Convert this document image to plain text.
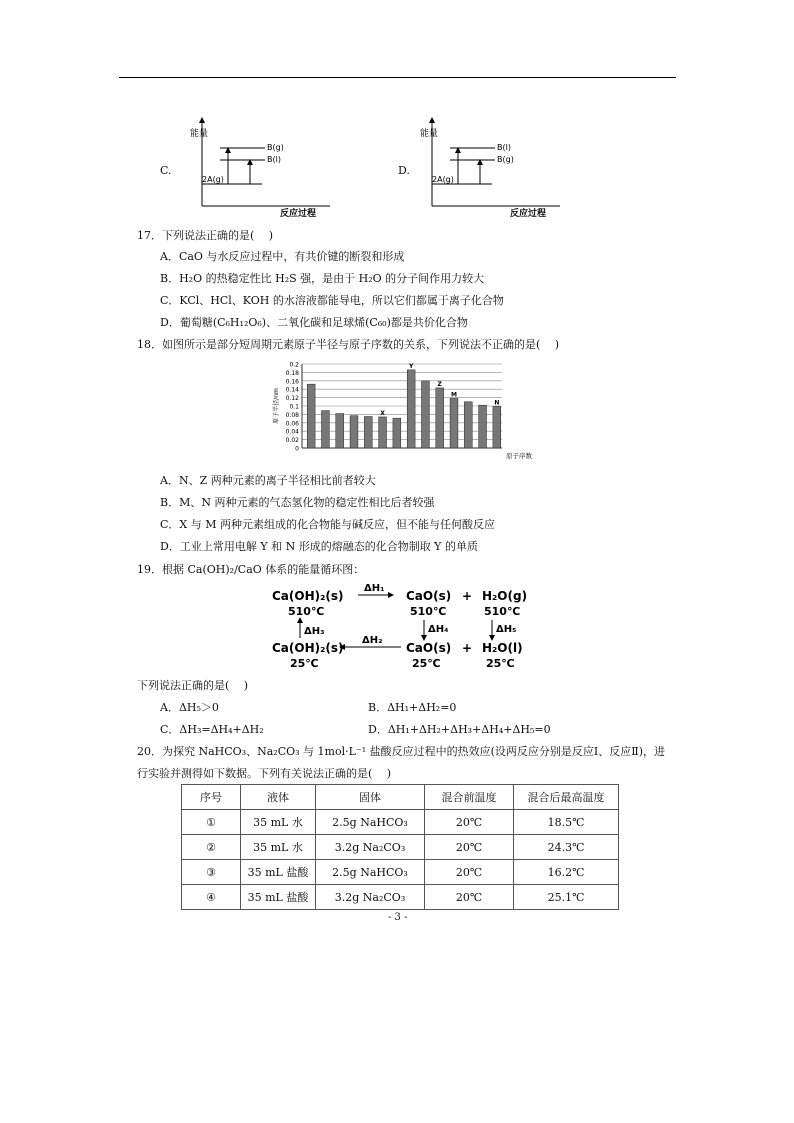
C.
能量
B(g)
B(l)
2A(g)
反应过程
D.
能量
B(l)
B(g)
2A(g)
反应过程
17．下列说法正确的是(　 )
A．CaO 与水反应过程中，有共价键的断裂和形成
B．H₂O 的热稳定性比 H₂S 强，是由于 H₂O 的分子间作用力较大
C．KCl、HCl、KOH 的水溶液都能导电，所以它们都属于离子化合物
D．葡萄糖(C₆H₁₂O₆)、二氧化碳和足球烯(C₆₀)都是共价化合物
18．如图所示是部分短周期元素原子半径与原子序数的关系，下列说法不正确的是(　 )
0
0.02
0.04
0.06
0.08
0.1
0.12
0.14
0.16
0.18
0.2
原子半径/nm	X
Y
Z
M
N
原子序数
A．N、Z 两种元素的离子半径相比前者较大
B．M、N 两种元素的气态氢化物的稳定性相比后者较强
C．X 与 M 两种元素组成的化合物能与碱反应，但不能与任何酸反应
D．工业上常用电解 Y 和 N 形成的熔融态的化合物制取 Y 的单质
19．根据 Ca(OH)₂/CaO 体系的能量循环图：
Ca(OH)₂(s)
510℃
ΔH₁
CaO(s)
510℃
+ H₂O(g)
510℃
ΔH₃	ΔH₄	ΔH₅
Ca(OH)₂(s)
25℃
ΔH₂
CaO(s)
25℃
+ H₂O(l)
25℃
下列说法正确的是(　 )
A．ΔH₅＞0	B．ΔH₁+ΔH₂=0
C．ΔH₃=ΔH₄+ΔH₂	D．ΔH₁+ΔH₂+ΔH₃+ΔH₄+ΔH₅=0
20．为探究 NaHCO₃、Na₂CO₃ 与 1mol·L⁻¹ 盐酸反应过程中的热效应(设两反应分别是反应Ⅰ、反应Ⅱ)，进
行实验并测得如下数据。下列有关说法正确的是(　 )
序号	液体	固体	混合前温度	混合后最高温度
①	35 mL 水	2.5g NaHCO₃	20℃	18.5℃
②	35 mL 水	3.2g Na₂CO₃	20℃	24.3℃
③	35 mL 盐酸	2.5g NaHCO₃	20℃	16.2℃
④	35 mL 盐酸	3.2g Na₂CO₃	20℃	25.1℃
- 3 -
